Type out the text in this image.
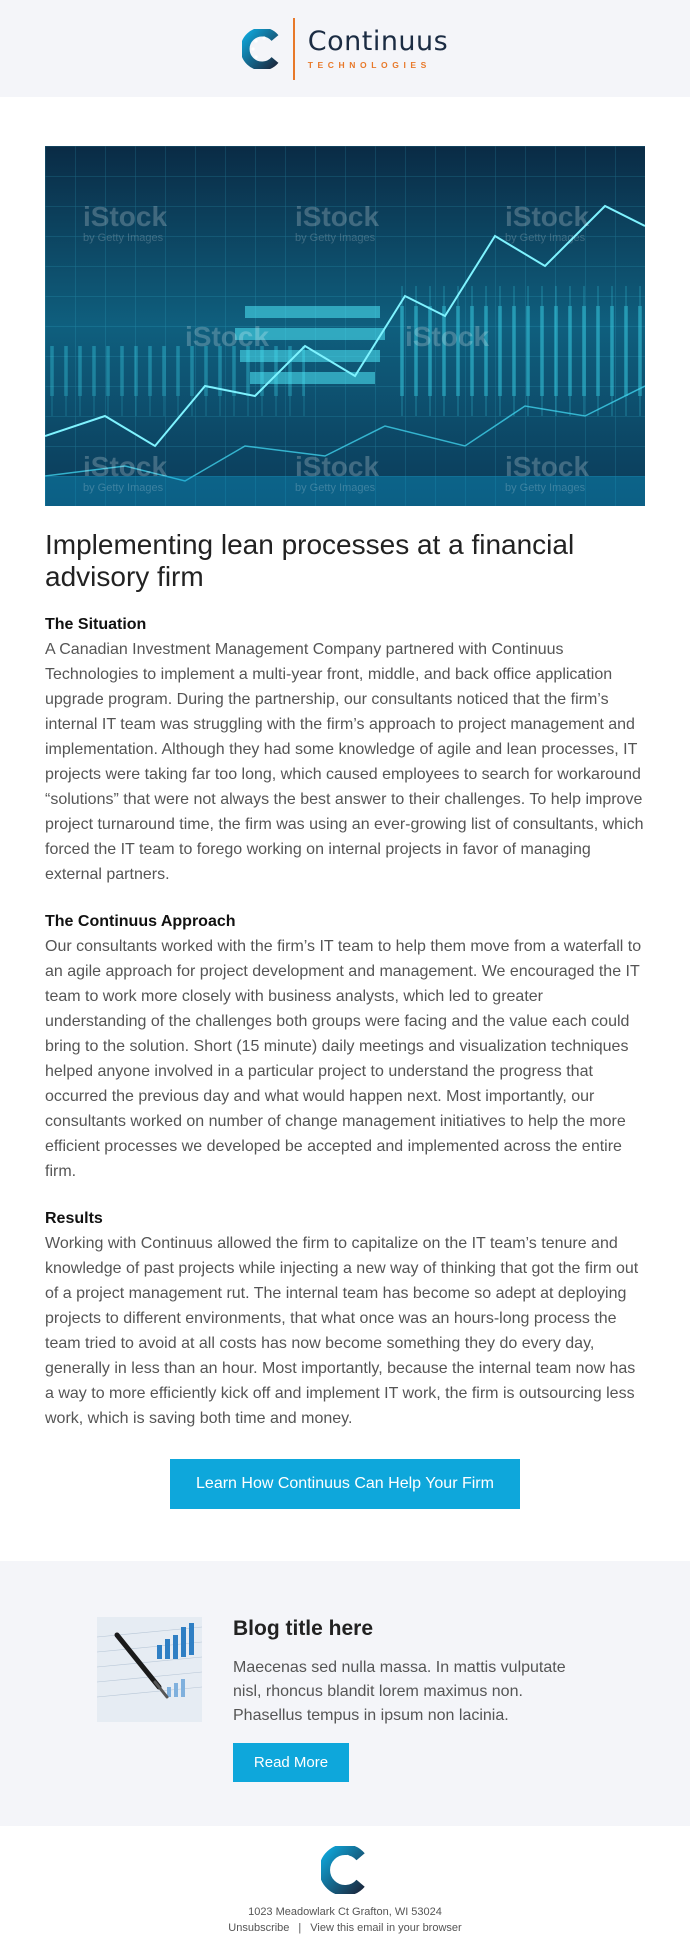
Continuus
TECHNOLOGIES
iStock	iStock	iStock
iStock	iStock
iStock	iStock	iStock
by Getty Images	by Getty Images	by Getty Images
by Getty Images	by Getty Images	by Getty Images
Implementing lean processes at a financial advisory firm
The Situation

A Canadian Investment Management Company partnered with Continuus Technologies to implement a multi-year front, middle, and back office application upgrade program. During the partnership, our consultants noticed that the firm’s internal IT team was struggling with the firm’s approach to project management and implementation. Although they had some knowledge of agile and lean processes, IT projects were taking far too long, which caused employees to search for workaround “solutions” that were not always the best answer to their challenges. To help improve project turnaround time, the firm was using an ever-growing list of consultants, which forced the IT team to forego working on internal projects in favor of managing external partners.

The Continuus Approach

Our consultants worked with the firm’s IT team to help them move from a waterfall to an agile approach for project development and management. We encouraged the IT team to work more closely with business analysts, which led to greater understanding of the challenges both groups were facing and the value each could bring to the solution. Short (15 minute) daily meetings and visualization techniques helped anyone involved in a particular project to understand the progress that occurred the previous day and what would happen next. Most importantly, our consultants worked on number of change management initiatives to help the more efficient processes we developed be accepted and implemented across the entire firm.

Results

Working with Continuus allowed the firm to capitalize on the IT team’s tenure and knowledge of past projects while injecting a new way of thinking that got the firm out of a project management rut. The internal team has become so adept at deploying projects to different environments, that what once was an hours-long process the team tried to avoid at all costs has now become something they do every day, generally in less than an hour. Most importantly, because the internal team now has a way to more efficiently kick off and implement IT work, the firm is outsourcing less work, which is saving both time and money.

Learn How Continuus Can Help Your Firm
Blog title here

Maecenas sed nulla massa. In mattis vulputate nisl, rhoncus blandit lorem maximus non. Phasellus tempus in ipsum non lacinia.

Read More
1023 Meadowlark Ct Grafton, WI 53024
Unsubscribe | View this email in your browser
